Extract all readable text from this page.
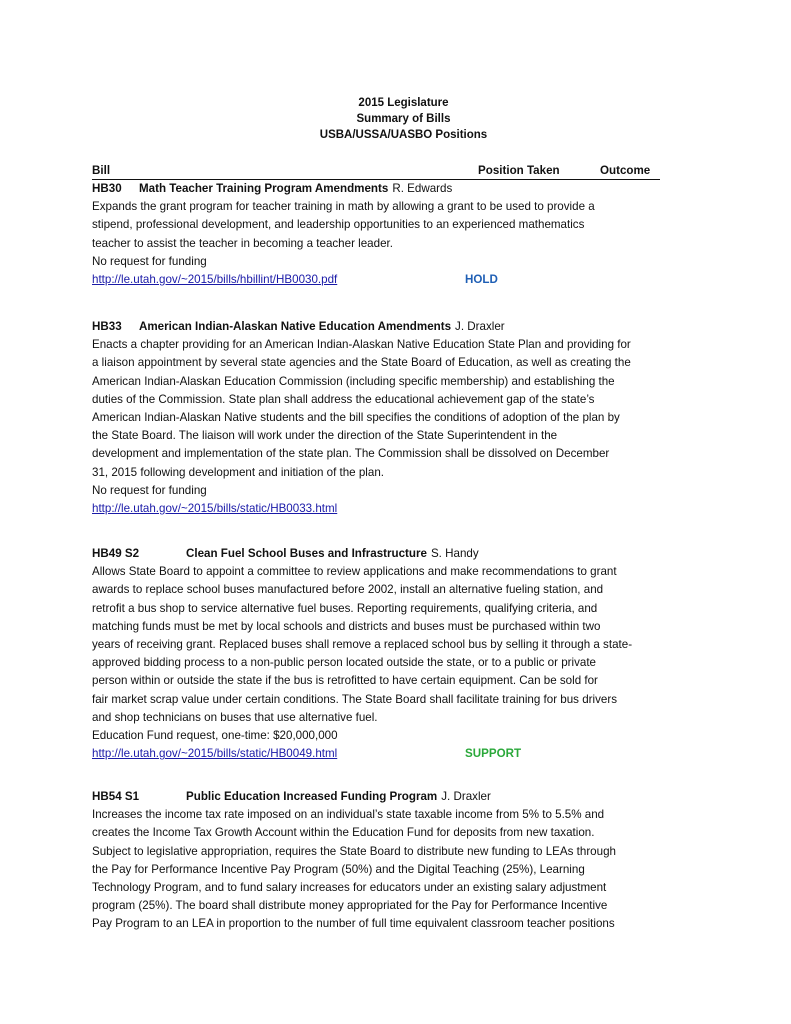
2015 Legislature
Summary of Bills
USBA/USSA/UASBO Positions
Bill	Position Taken	Outcome
HB30 Math Teacher Training Program Amendments R. Edwards
Expands the grant program for teacher training in math by allowing a grant to be used to provide a
stipend, professional development, and leadership opportunities to an experienced mathematics
teacher to assist the teacher in becoming a teacher leader.
No request for funding
http://le.utah.gov/~2015/bills/hbillint/HB0030.pdf	HOLD
HB33 American Indian-Alaskan Native Education Amendments J. Draxler
Enacts a chapter providing for an American Indian-Alaskan Native Education State Plan and providing for
a liaison appointment by several state agencies and the State Board of Education, as well as creating the
American Indian-Alaskan Education Commission (including specific membership) and establishing the
duties of the Commission. State plan shall address the educational achievement gap of the state’s
American Indian-Alaskan Native students and the bill specifies the conditions of adoption of the plan by
the State Board. The liaison will work under the direction of the State Superintendent in the
development and implementation of the state plan. The Commission shall be dissolved on December
31, 2015 following development and initiation of the plan.
No request for funding
http://le.utah.gov/~2015/bills/static/HB0033.html
HB49 S2	Clean Fuel School Buses and Infrastructure S. Handy
Allows State Board to appoint a committee to review applications and make recommendations to grant
awards to replace school buses manufactured before 2002, install an alternative fueling station, and
retrofit a bus shop to service alternative fuel buses. Reporting requirements, qualifying criteria, and
matching funds must be met by local schools and districts and buses must be purchased within two
years of receiving grant. Replaced buses shall remove a replaced school bus by selling it through a state-
approved bidding process to a non-public person located outside the state, or to a public or private
person within or outside the state if the bus is retrofitted to have certain equipment. Can be sold for
fair market scrap value under certain conditions. The State Board shall facilitate training for bus drivers
and shop technicians on buses that use alternative fuel.
Education Fund request, one-time: $20,000,000
http://le.utah.gov/~2015/bills/static/HB0049.html	SUPPORT
HB54 S1	Public Education Increased Funding Program J. Draxler
Increases the income tax rate imposed on an individual’s state taxable income from 5% to 5.5% and
creates the Income Tax Growth Account within the Education Fund for deposits from new taxation.
Subject to legislative appropriation, requires the State Board to distribute new funding to LEAs through
the Pay for Performance Incentive Pay Program (50%) and the Digital Teaching (25%), Learning
Technology Program, and to fund salary increases for educators under an existing salary adjustment
program (25%). The board shall distribute money appropriated for the Pay for Performance Incentive
Pay Program to an LEA in proportion to the number of full time equivalent classroom teacher positions
